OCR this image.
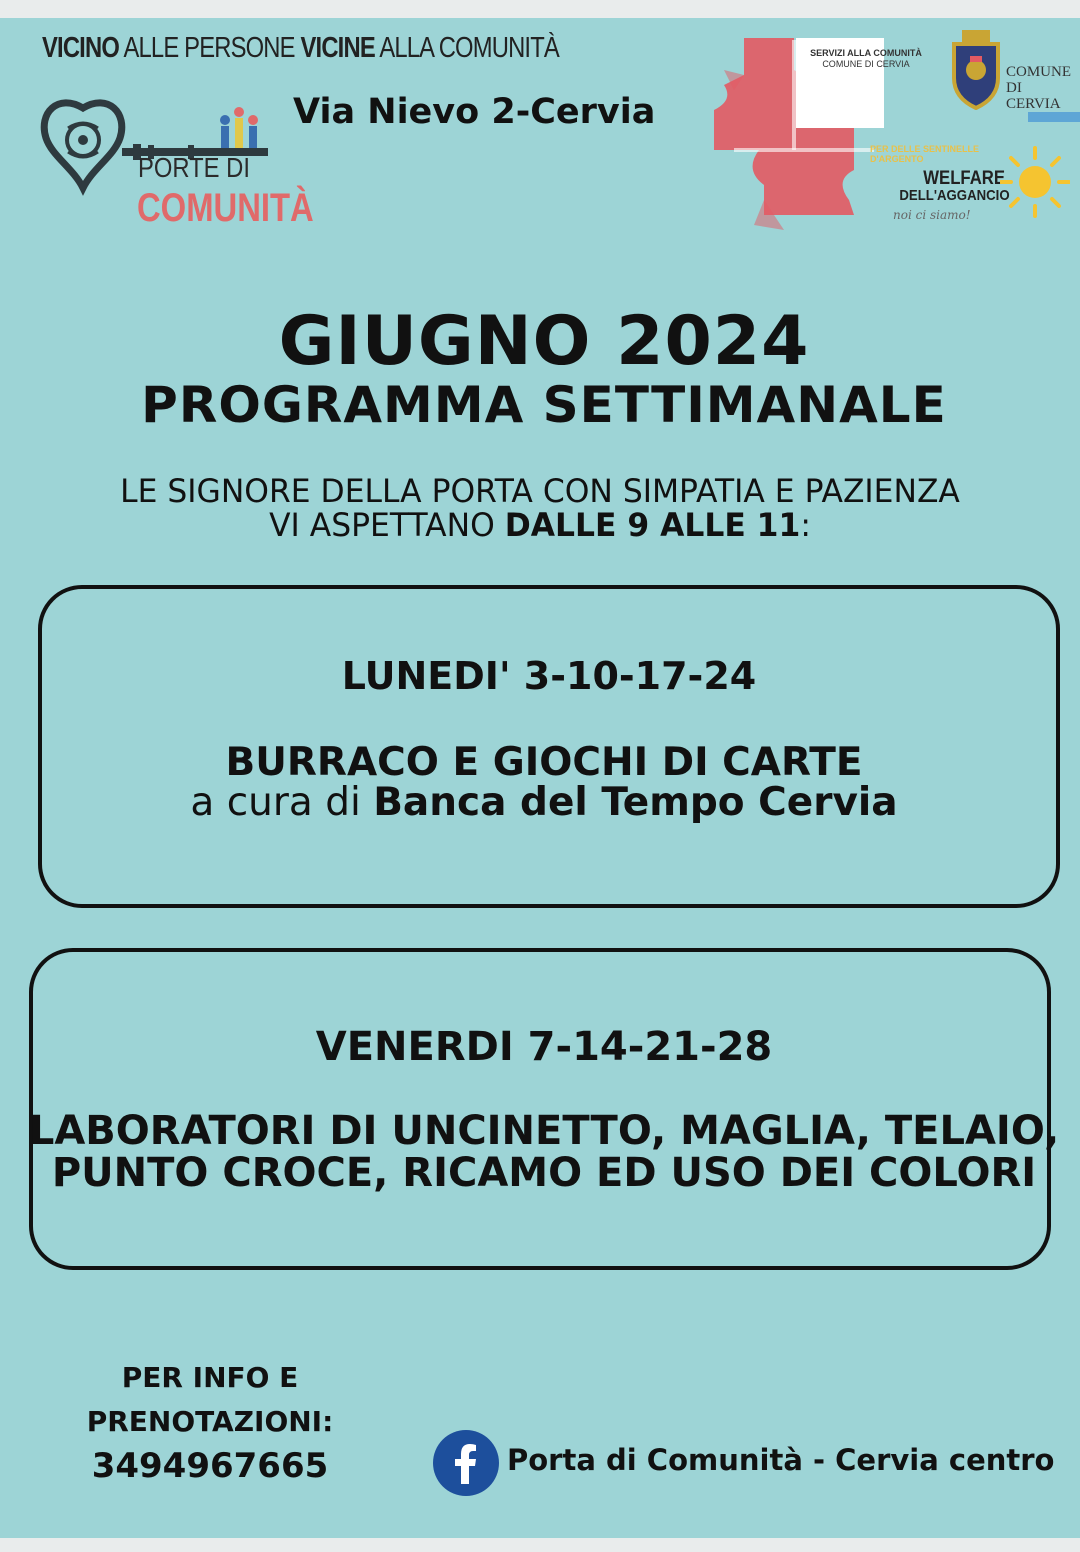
VICINO ALLE PERSONE VICINE ALLA COMUNITÀ
PORTE DI
COMUNITÀ
Via Nievo 2-Cervia
SERVIZI ALLA COMUNITÀ
COMUNE DI CERVIA	COMUNE
DI CERVIA
PER DELLE SENTINELLE D'ARGENTO
WELFARE
DELL'AGGANCIO
noi ci siamo!
GIUGNO 2024
PROGRAMMA SETTIMANALE
LE SIGNORE DELLA PORTA CON SIMPATIA E PAZIENZA
VI ASPETTANO DALLE 9 ALLE 11:
LUNEDI' 3-10-17-24
BURRACO E GIOCHI DI CARTE
a cura di Banca del Tempo Cervia
VENERDI 7-14-21-28
LABORATORI DI UNCINETTO, MAGLIA, TELAIO,
PUNTO CROCE, RICAMO ED USO DEI COLORI
PER INFO E
PRENOTAZIONI:
3494967665	Porta di Comunità - Cervia centro
